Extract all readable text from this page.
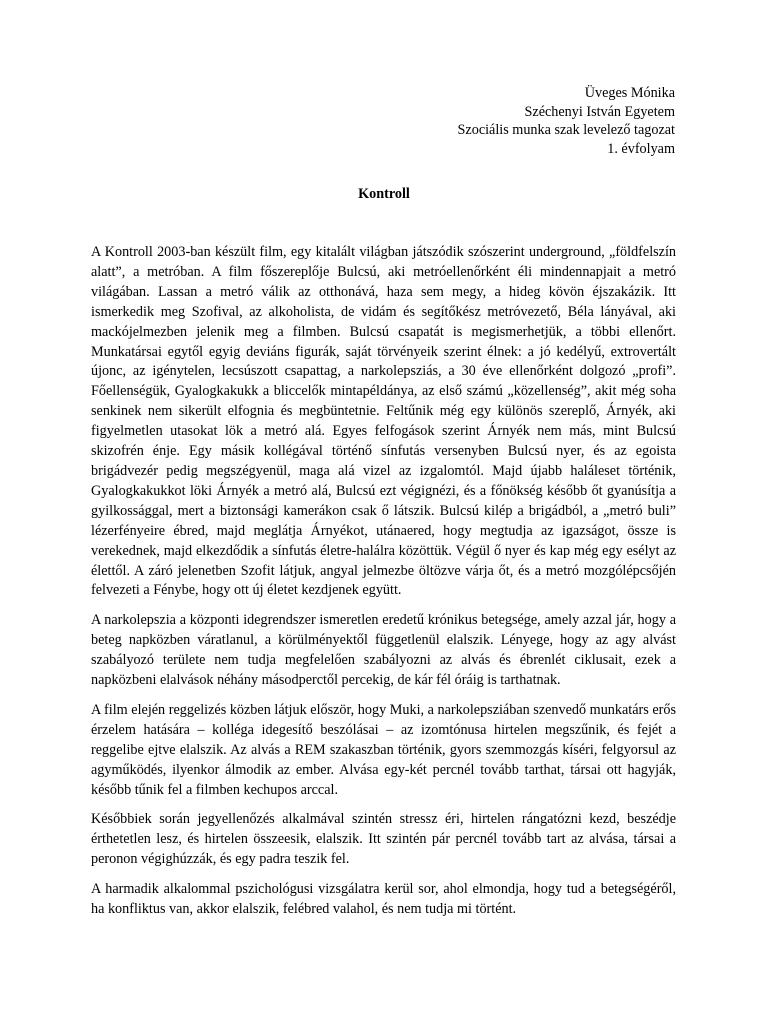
Üveges Mónika
Széchenyi István Egyetem
Szociális munka szak levelező tagozat
1. évfolyam
Kontroll

A Kontroll 2003-ban készült film, egy kitalált világban játszódik szószerint underground, „földfelszín alatt”, a metróban. A film főszereplője Bulcsú, aki metróellenőrként éli mindennapjait a metró világában. Lassan a metró válik az otthonává, haza sem megy, a hideg kövön éjszakázik. Itt ismerkedik meg Szofival, az alkoholista, de vidám és segítőkész metróvezető, Béla lányával, aki mackójelmezben jelenik meg a filmben. Bulcsú csapatát is megismerhetjük, a többi ellenőrt. Munkatársai egytől egyig deviáns figurák, saját törvényeik szerint élnek: a jó kedélyű, extrovertált újonc, az igénytelen, lecsúszott csapattag, a narkolepsziás, a 30 éve ellenőrként dolgozó „profi”. Főellenségük, Gyalogkakukk a bliccelők mintapéldánya, az első számú „közellenség”, akit még soha senkinek nem sikerült elfognia és megbüntetnie. Feltűnik még egy különös szereplő, Árnyék, aki figyelmetlen utasokat lök a metró alá. Egyes felfogások szerint Árnyék nem más, mint Bulcsú skizofrén énje. Egy másik kollégával történő sínfutás versenyben Bulcsú nyer, és az egoista brigádvezér pedig megszégyenül, maga alá vizel az izgalomtól. Majd újabb haláleset történik, Gyalogkakukkot löki Árnyék a metró alá, Bulcsú ezt végignézi, és a főnökség később őt gyanúsítja a gyilkossággal, mert a biztonsági kamerákon csak ő látszik. Bulcsú kilép a brigádból, a „metró buli” lézerfényeire ébred, majd meglátja Árnyékot, utánaered, hogy megtudja az igazságot, össze is verekednek, majd elkezdődik a sínfutás életre-halálra közöttük. Végül ő nyer és kap még egy esélyt az élettől. A záró jelenetben Szofit látjuk, angyal jelmezbe öltözve várja őt, és a metró mozgólépcsőjén felvezeti a Fénybe, hogy ott új életet kezdjenek együtt.

A narkolepszia a központi idegrendszer ismeretlen eredetű krónikus betegsége, amely azzal jár, hogy a beteg napközben váratlanul, a körülményektől függetlenül elalszik. Lényege, hogy az agy alvást szabályozó területe nem tudja megfelelően szabályozni az alvás és ébrenlét ciklusait, ezek a napközbeni elalvások néhány másodperctől percekig, de kár fél óráig is tarthatnak.

A film elején reggelizés közben látjuk először, hogy Muki, a narkolepsziában szenvedő munkatárs erős érzelem hatására – kolléga idegesítő beszólásai – az izomtónusa hirtelen megszűnik, és fejét a reggelibe ejtve elalszik. Az alvás a REM szakaszban történik, gyors szemmozgás kíséri, felgyorsul az agyműködés, ilyenkor álmodik az ember. Alvása egy-két percnél tovább tarthat, társai ott hagyják, később tűnik fel a filmben kechupos arccal.

Későbbiek során jegyellenőzés alkalmával szintén stressz éri, hirtelen rángatózni kezd, beszédje érthetetlen lesz, és hirtelen összeesik, elalszik. Itt szintén pár percnél tovább tart az alvása, társai a peronon végighúzzák, és egy padra teszik fel.

A harmadik alkalommal pszichológusi vizsgálatra kerül sor, ahol elmondja, hogy tud a betegségéről, ha konfliktus van, akkor elalszik, felébred valahol, és nem tudja mi történt.
